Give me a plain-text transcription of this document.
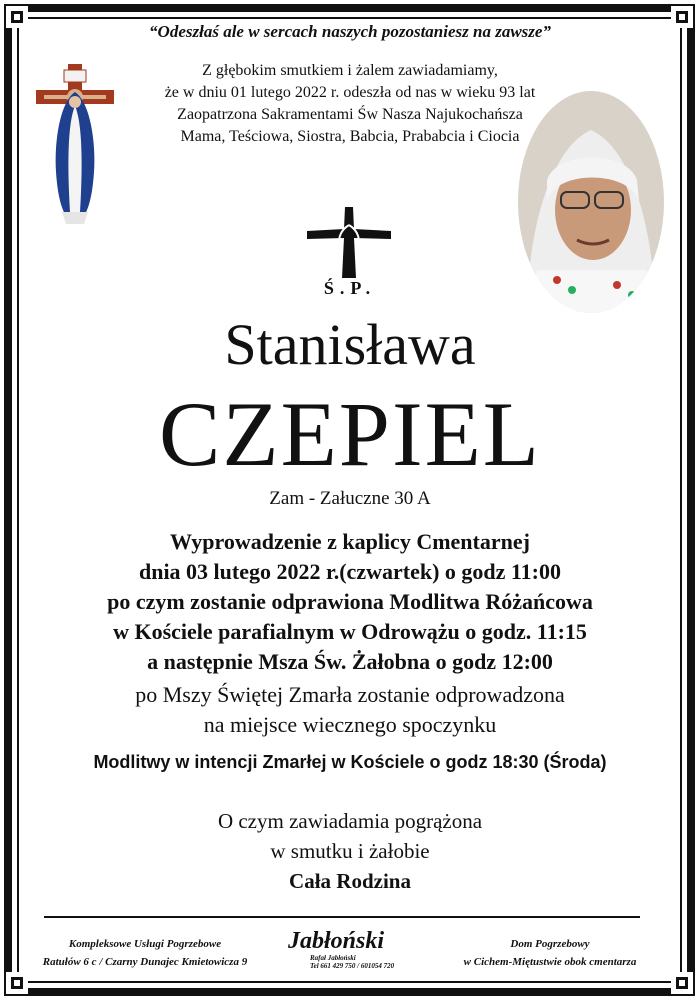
“Odeszłaś ale w sercach naszych pozostaniesz na zawsze”
Z głębokim smutkiem i żalem zawiadamiamy,
że w dniu 01 lutego 2022 r. odeszła od nas w wieku 93 lat
Zaopatrzona Sakramentami Św Nasza Najukochańsza
Mama, Teściowa, Siostra, Babcia, Prababcia i Ciocia
Ś.P.
Stanisława
CZEPIEL
Zam - Załuczne 30 A
Wyprowadzenie z kaplicy Cmentarnej
dnia 03 lutego 2022 r.(czwartek) o godz 11:00
po czym zostanie odprawiona Modlitwa Różańcowa
w Kościele parafialnym w Odrowążu o godz. 11:15
a następnie Msza Św. Żałobna o godz 12:00
po Mszy Świętej Zmarła zostanie odprowadzona
na miejsce wiecznego spoczynku
Modlitwy w intencji Zmarłej w Kościele o godz 18:30 (Środa)
O czym zawiadamia pogrążona
w smutku i żałobie
Cała Rodzina
Kompleksowe Usługi Pogrzebowe
Ratułów 6 c / Czarny Dunajec Kmietowicza 9
Jabłoński
Rafał Jabłoński
Tel 661 429 750 / 601054 720
Dom Pogrzebowy
w Cichem-Miętustwie obok cmentarza
